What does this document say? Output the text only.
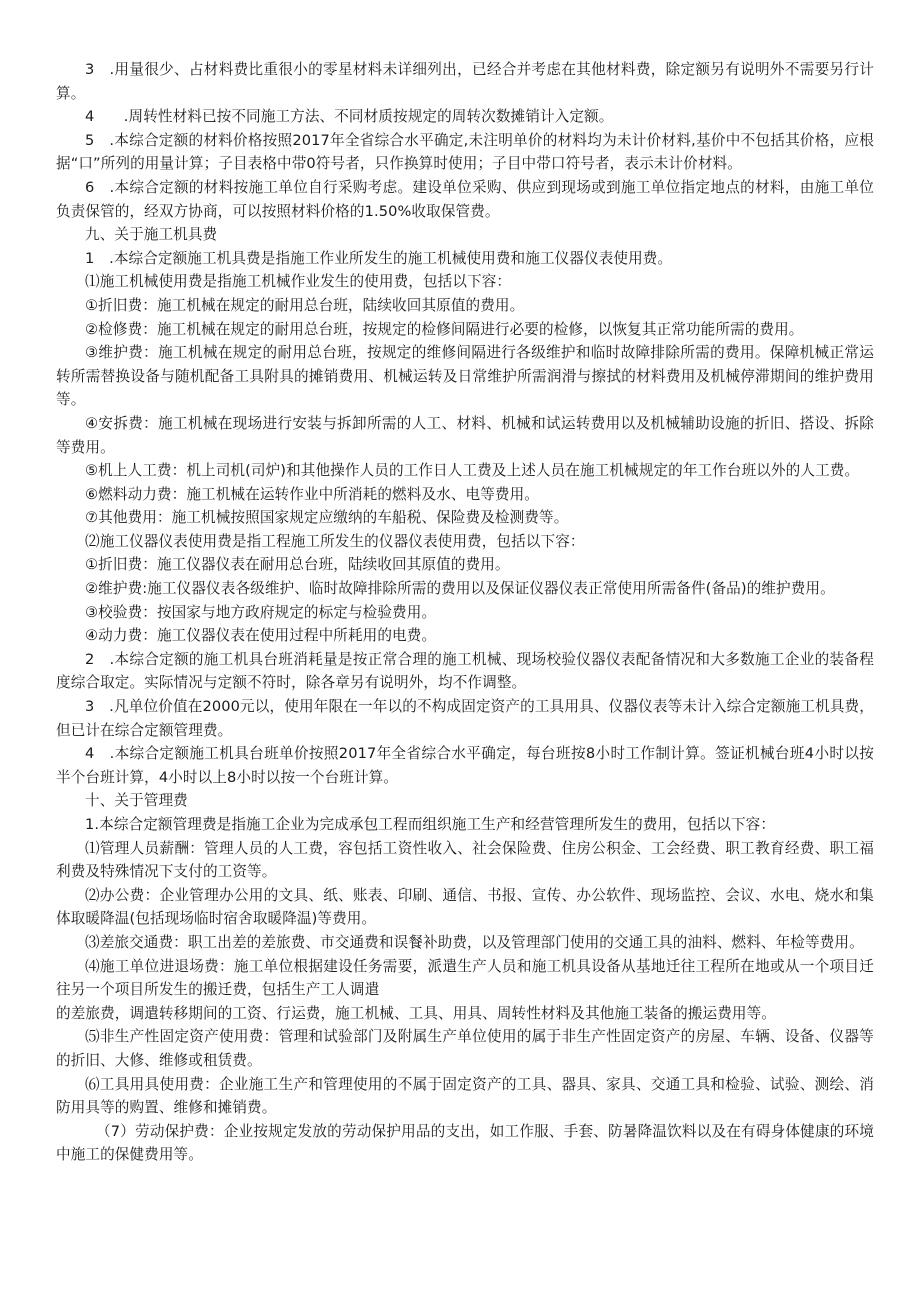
3　.用量很少、占材料费比重很小的零星材料未详细列出，已经合并考虑在其他材料费，除定额另有说明外不需要另行计算。

4　　.周转性材料已按不同施工方法、不同材质按规定的周转次数摊销计入定额。

5　.本综合定额的材料价格按照2017年全省综合水平确定,未注明单价的材料均为未计价材料,基价中不包括其价格，应根据“口”所列的用量计算；子目表格中带0符号者，只作换算时使用；子目中带口符号者，表示未计价材料。

6　.本综合定额的材料按施工单位自行采购考虑。建设单位采购、供应到现场或到施工单位指定地点的材料，由施工单位负责保管的，经双方协商，可以按照材料价格的1.50%收取保管费。

九、关于施工机具费

1　.本综合定额施工机具费是指施工作业所发生的施工机械使用费和施工仪器仪表使用费。

⑴施工机械使用费是指施工机械作业发生的使用费，包括以下容：

①折旧费：施工机械在规定的耐用总台班，陆续收回其原值的费用。

②检修费：施工机械在规定的耐用总台班，按规定的检修间隔进行必要的检修，以恢复其正常功能所需的费用。

③维护费：施工机械在规定的耐用总台班，按规定的维修间隔进行各级维护和临时故障排除所需的费用。保障机械正常运转所需替换设备与随机配备工具附具的摊销费用、机械运转及日常维护所需润滑与擦拭的材料费用及机械停滞期间的维护费用等。

④安拆费：施工机械在现场进行安装与拆卸所需的人工、材料、机械和试运转费用以及机械辅助设施的折旧、搭设、拆除等费用。

⑤机上人工费：机上司机(司炉)和其他操作人员的工作日人工费及上述人员在施工机械规定的年工作台班以外的人工费。

⑥燃料动力费：施工机械在运转作业中所消耗的燃料及水、电等费用。

⑦其他费用：施工机械按照国家规定应缴纳的车船税、保险费及检测费等。

⑵施工仪器仪表使用费是指工程施工所发生的仪器仪表使用费，包括以下容：

①折旧费：施工仪器仪表在耐用总台班，陆续收回其原值的费用。

②维护费:施工仪器仪表各级维护、临时故障排除所需的费用以及保证仪器仪表正常使用所需备件(备品)的维护费用。

③校验费：按国家与地方政府规定的标定与检验费用。

④动力费：施工仪器仪表在使用过程中所耗用的电费。

2　.本综合定额的施工机具台班消耗量是按正常合理的施工机械、现场校验仪器仪表配备情况和大多数施工企业的装备程度综合取定。实际情况与定额不符时，除各章另有说明外，均不作调整。

3　.凡单位价值在2000元以，使用年限在一年以的不构成固定资产的工具用具、仪器仪表等未计入综合定额施工机具费，但已计在综合定额管理费。

4　.本综合定额施工机具台班单价按照2017年全省综合水平确定，每台班按8小时工作制计算。签证机械台班4小时以按半个台班计算，4小时以上8小时以按一个台班计算。

十、关于管理费

1.本综合定额管理费是指施工企业为完成承包工程而组织施工生产和经营管理所发生的费用，包括以下容：

⑴管理人员薪酬：管理人员的人工费，容包括工资性收入、社会保险费、住房公积金、工会经费、职工教育经费、职工福利费及特殊情况下支付的工资等。

⑵办公费：企业管理办公用的文具、纸、账表、印刷、通信、书报、宣传、办公软件、现场监控、会议、水电、烧水和集体取暖降温(包括现场临时宿舍取暖降温)等费用。

⑶差旅交通费：职工出差的差旅费、市交通费和误餐补助费，以及管理部门使用的交通工具的油料、燃料、年检等费用。

⑷施工单位进退场费：施工单位根据建设任务需要，派遣生产人员和施工机具设备从基地迁往工程所在地或从一个项目迁往另一个项目所发生的搬迁费，包括生产工人调遣

的差旅费，调遣转移期间的工资、行运费，施工机械、工具、用具、周转性材料及其他施工装备的搬运费用等。

⑸非生产性固定资产使用费：管理和试验部门及附属生产单位使用的属于非生产性固定资产的房屋、车辆、设备、仪器等的折旧、大修、维修或租赁费。

⑹工具用具使用费：企业施工生产和管理使用的不属于固定资产的工具、器具、家具、交通工具和检验、试验、测绘、消防用具等的购置、维修和摊销费。

（7）劳动保护费：企业按规定发放的劳动保护用品的支出，如工作服、手套、防暑降温饮料以及在有碍身体健康的环境中施工的保健费用等。
